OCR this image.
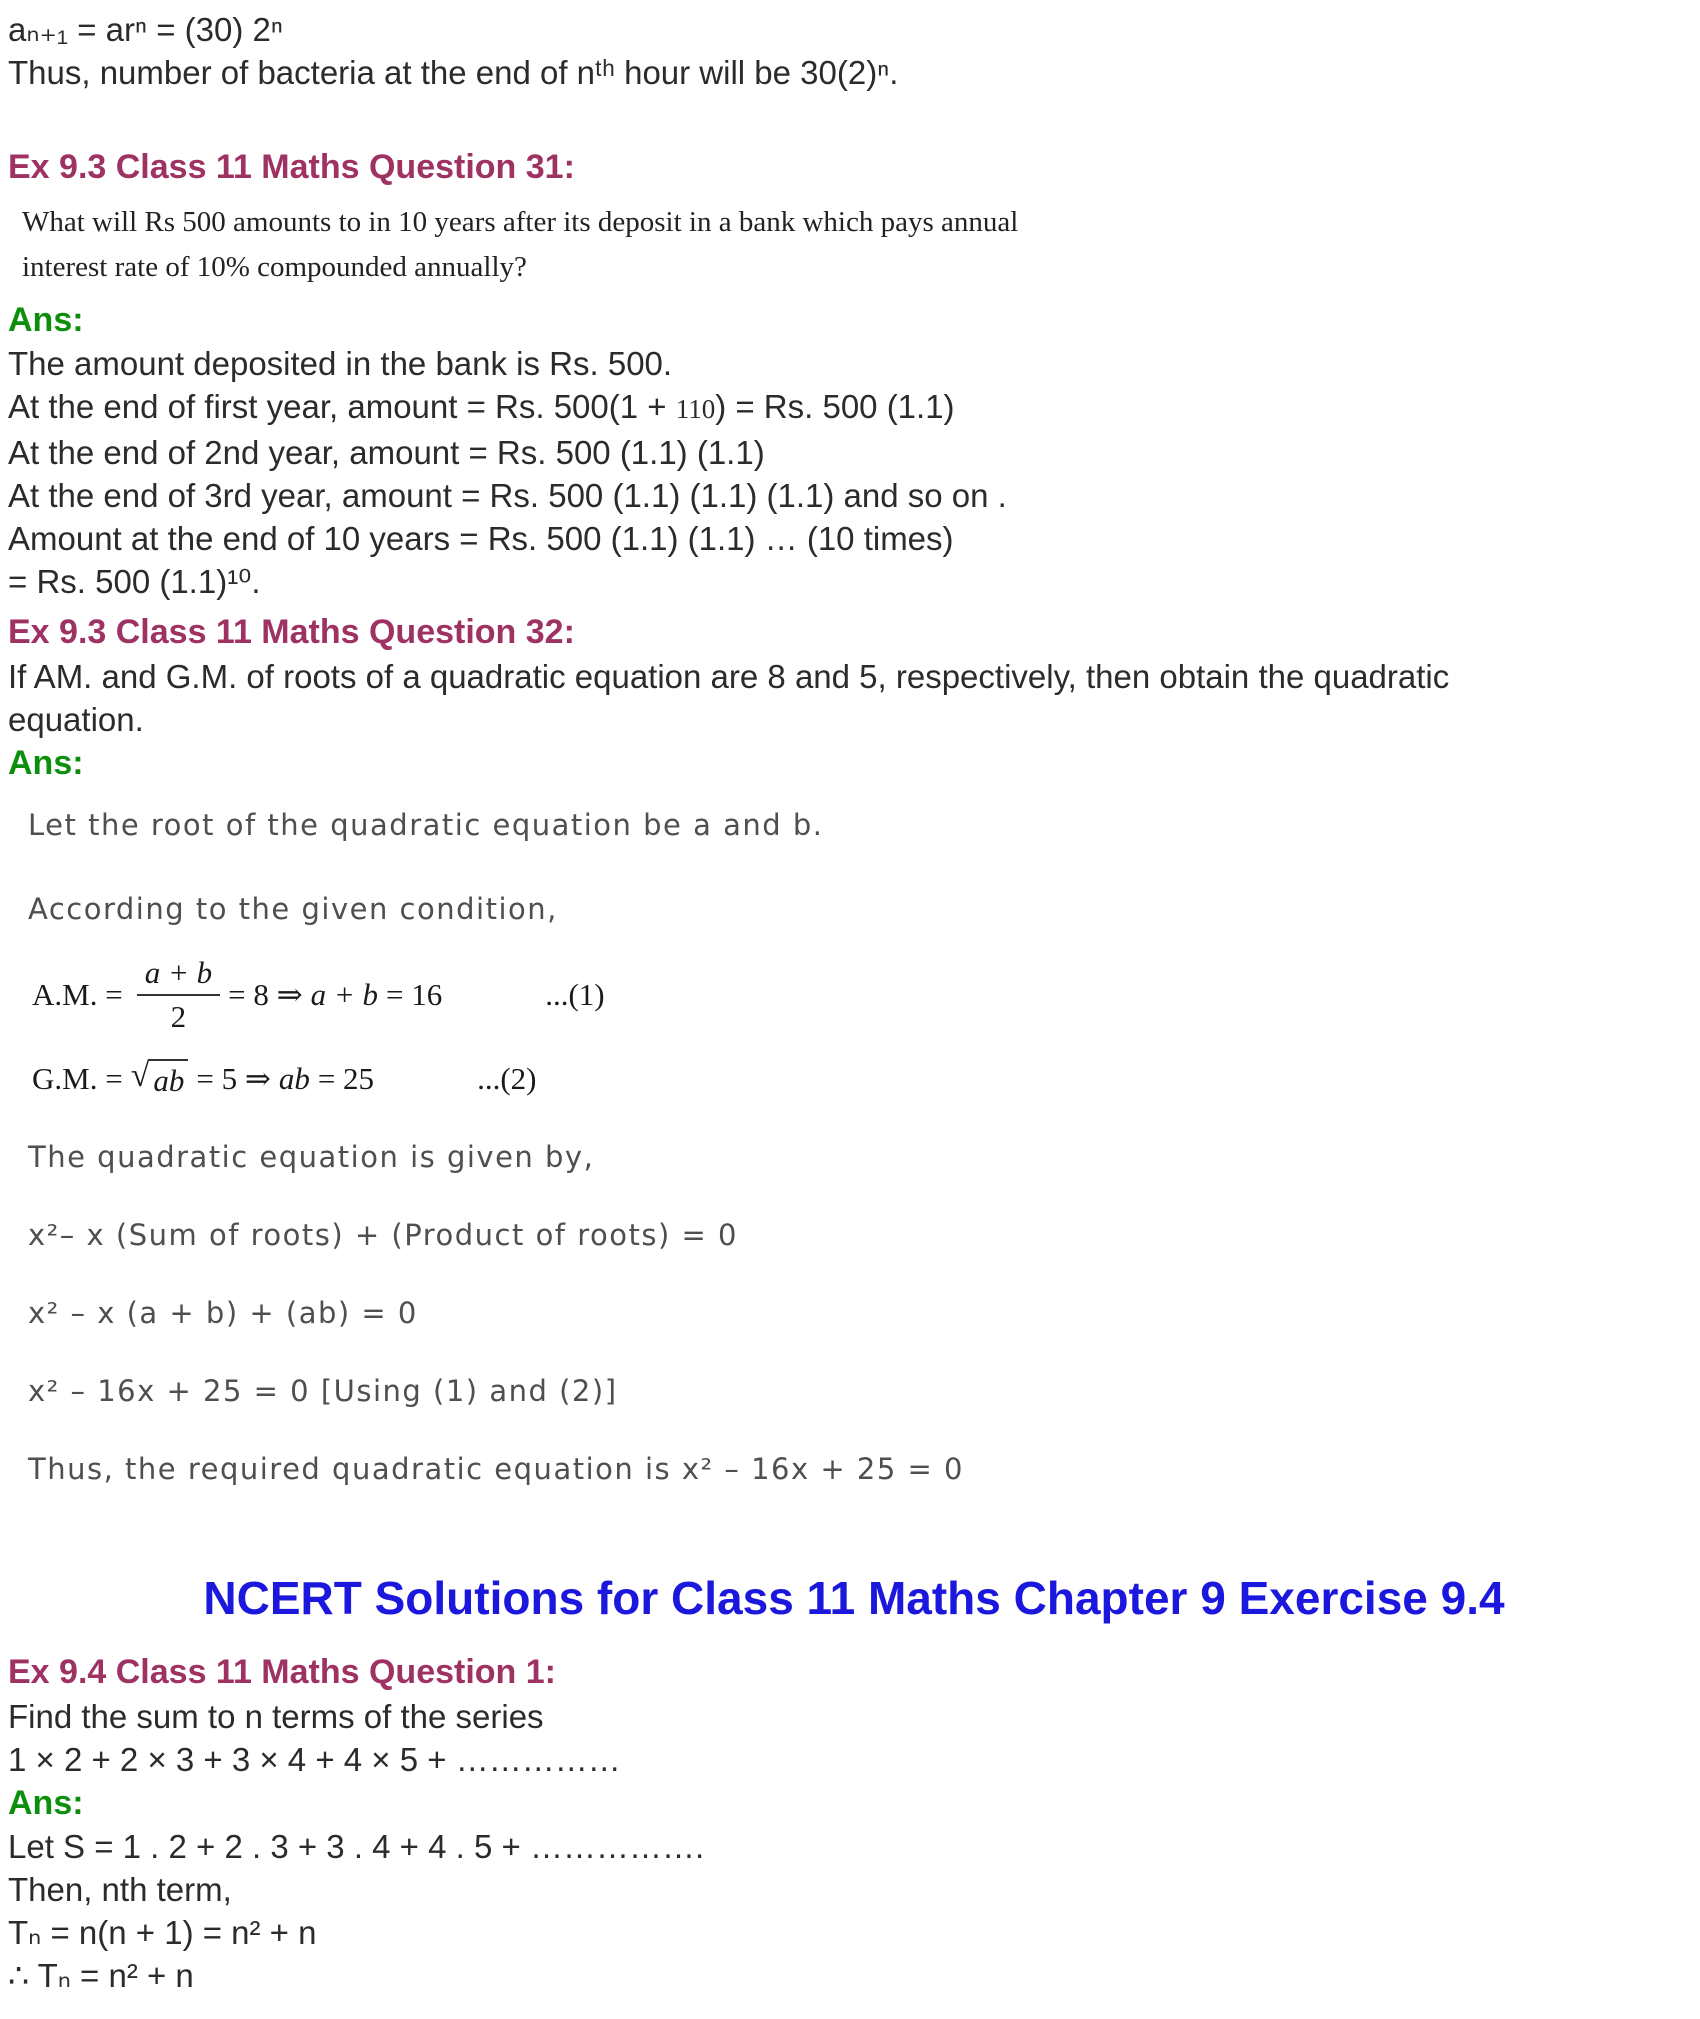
aₙ₊₁ = arⁿ = (30) 2ⁿ
Thus, number of bacteria at the end of nᵗʰ hour will be 30(2)ⁿ.
Ex 9.3 Class 11 Maths Question 31:
What will Rs 500 amounts to in 10 years after its deposit in a bank which pays annual
interest rate of 10% compounded annually?
Ans:
The amount deposited in the bank is Rs. 500.
At the end of first year, amount = Rs. 500(1 + 110) = Rs. 500 (1.1)
At the end of 2nd year, amount = Rs. 500 (1.1) (1.1)
At the end of 3rd year, amount = Rs. 500 (1.1) (1.1) (1.1) and so on .
Amount at the end of 10 years = Rs. 500 (1.1) (1.1) … (10 times)
= Rs. 500 (1.1)¹⁰.
Ex 9.3 Class 11 Maths Question 32:
If AM. and G.M. of roots of a quadratic equation are 8 and 5, respectively, then obtain the quadratic
equation.
Ans:
Let the root of the quadratic equation be a and b.
According to the given condition,
A.M. = $\frac{a + b}{2} = 8$ ⇒ a + b = 16	...(1)
G.M. = √ ab = 5 ⇒ ab = 25	...(2)
The quadratic equation is given by,
x²– x (Sum of roots) + (Product of roots) = 0
x² – x (a + b) + (ab) = 0
x² – 16x + 25 = 0 [Using (1) and (2)]
Thus, the required quadratic equation is x² – 16x + 25 = 0
NCERT Solutions for Class 11 Maths Chapter 9 Exercise 9.4
Ex 9.4 Class 11 Maths Question 1:
Find the sum to n terms of the series
1 × 2 + 2 × 3 + 3 × 4 + 4 × 5 + ……………
Ans:
Let S = 1 . 2 + 2 . 3 + 3 . 4 + 4 . 5 + …………….
Then, nth term,
Tₙ = n(n + 1) = n² + n
∴ Tₙ = n² + n
